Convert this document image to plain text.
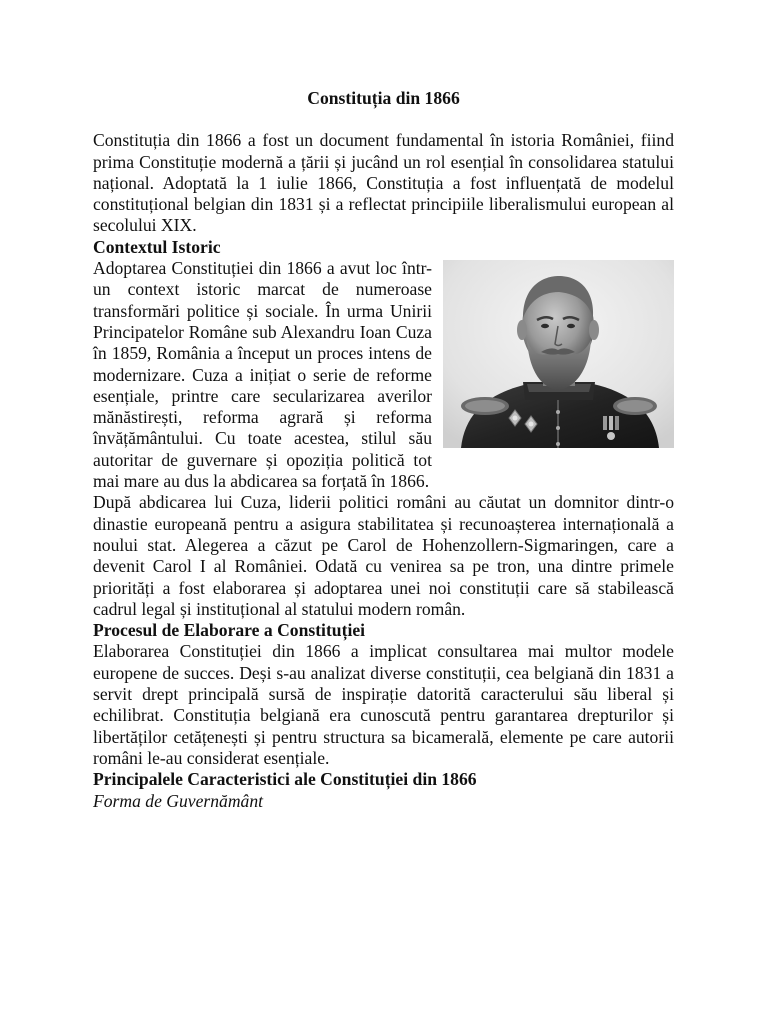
Constituția din 1866

Constituția din 1866 a fost un document fundamental în istoria României, fiind prima Constituție modernă a țării și jucând un rol esențial în consolidarea statului național. Adoptată la 1 iulie 1866, Constituția a fost influențată de modelul constituțional belgian din 1831 și a reflectat principiile liberalismului european al secolului XIX.

Contextul Istoric

Adoptarea Constituției din 1866 a avut loc într-un context istoric marcat de numeroase transformări politice și sociale. În urma Unirii Principatelor Române sub Alexandru Ioan Cuza în 1859, România a început un proces intens de modernizare. Cuza a inițiat o serie de reforme esențiale, printre care secularizarea averilor mănăstirești, reforma agrară și reforma învățământului. Cu toate acestea, stilul său autoritar de guvernare și opoziția politică tot mai mare au dus la abdicarea sa forțată în 1866.

După abdicarea lui Cuza, liderii politici români au căutat un domnitor dintr-o dinastie europeană pentru a asigura stabilitatea și recunoașterea internațională a noului stat. Alegerea a căzut pe Carol de Hohenzollern-Sigmaringen, care a devenit Carol I al României. Odată cu venirea sa pe tron, una dintre primele priorități a fost elaborarea și adoptarea unei noi constituții care să stabilească cadrul legal și instituțional al statului modern român.

Procesul de Elaborare a Constituției

Elaborarea Constituției din 1866 a implicat consultarea mai multor modele europene de succes. Deși s-au analizat diverse constituții, cea belgiană din 1831 a servit drept principală sursă de inspirație datorită caracterului său liberal și echilibrat. Constituția belgiană era cunoscută pentru garantarea drepturilor și libertăților cetățenești și pentru structura sa bicamerală, elemente pe care autorii români le-au considerat esențiale.

Principalele Caracteristici ale Constituției din 1866
Forma de Guvernământ
